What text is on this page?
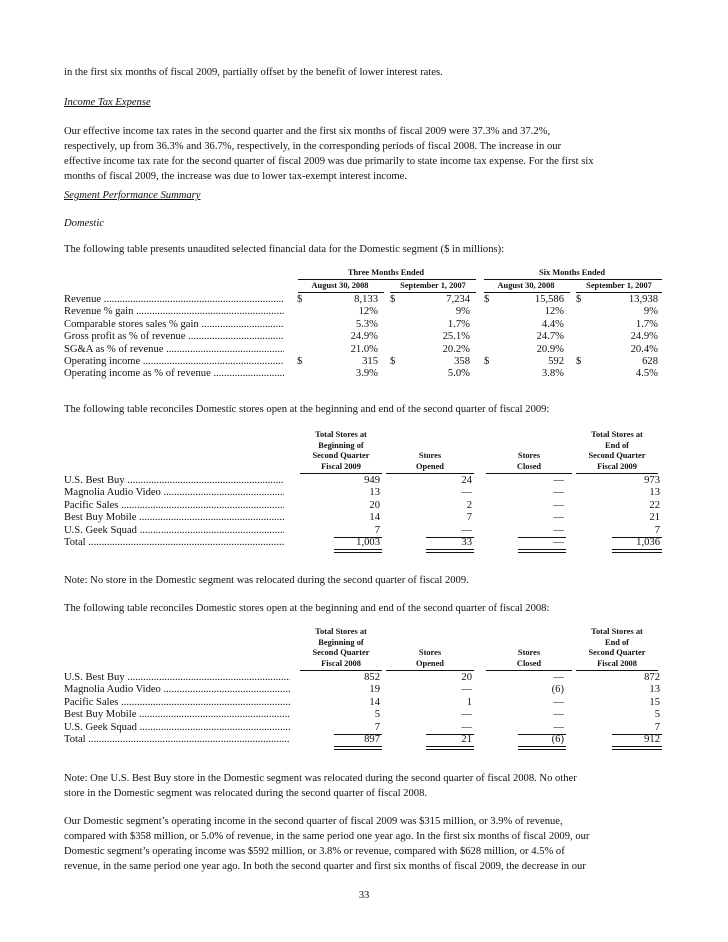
in the first six months of fiscal 2009, partially offset by the benefit of lower interest rates.
Income Tax Expense
Our effective income tax rates in the second quarter and the first six months of fiscal 2009 were 37.3% and 37.2%,
respectively, up from 36.3% and 36.7%, respectively, in the corresponding periods of fiscal 2008. The increase in our
effective income tax rate for the second quarter of fiscal 2009 was due primarily to state income tax expense. For the first six
months of fiscal 2009, the increase was due to lower tax-exempt interest income.
Segment Performance Summary
Domestic
The following table presents unaudited selected financial data for the Domestic segment ($ in millions):
Three Months Ended	Six Months Ended
August 30, 2008	September 1, 2007	August 30, 2008	September 1, 2007
Revenue .....	$	8,133 $	7,234 $	15,586 $	13,938
Revenue % gain .....	12%	9%	12%	9%
Comparable stores sales % gain .....	5.3%	1.7%	4.4%	1.7%
Gross profit as % of revenue .....	24.9%	25.1%	24.7%	24.9%
SG&A as % of revenue .....	21.0%	20.2%	20.9%	20.4%
Operating income .....	$	315 $	358 $	592 $	628
Operating income as % of revenue .....	3.9%	5.0%	3.8%	4.5%
The following table reconciles Domestic stores open at the beginning and end of the second quarter of fiscal 2009:
Total Stores at
Beginning of
Second Quarter
Fiscal 2009
Stores
Opened
Stores
Closed
Total Stores at
End of
Second Quarter
Fiscal 2009
U.S. Best Buy .....	949	24	—	973
Magnolia Audio Video .....	13	—	—	13
Pacific Sales .....	20	2	—	22
Best Buy Mobile .....	14	7	—	21
U.S. Geek Squad .....	7	—	—	7
Total .....	1,003	33	—	1,036
Note: No store in the Domestic segment was relocated during the second quarter of fiscal 2009.
The following table reconciles Domestic stores open at the beginning and end of the second quarter of fiscal 2008:
Total Stores at
Beginning of
Second Quarter
Fiscal 2008
Stores
Opened
Stores
Closed
Total Stores at
End of
Second Quarter
Fiscal 2008
U.S. Best Buy .....	852	20	—	872
Magnolia Audio Video .....	19	—	(6)	13
Pacific Sales .....	14	1	—	15
Best Buy Mobile .....	5	—	—	5
U.S. Geek Squad .....	7	—	—	7
Total .....	897	21	(6)	912
Note: One U.S. Best Buy store in the Domestic segment was relocated during the second quarter of fiscal 2008. No other
store in the Domestic segment was relocated during the second quarter of fiscal 2008.
Our Domestic segment’s operating income in the second quarter of fiscal 2009 was $315 million, or 3.9% of revenue,
compared with $358 million, or 5.0% of revenue, in the same period one year ago. In the first six months of fiscal 2009, our
Domestic segment’s operating income was $592 million, or 3.8% or revenue, compared with $628 million, or 4.5% of
revenue, in the same period one year ago. In both the second quarter and first six months of fiscal 2009, the decrease in our
33
